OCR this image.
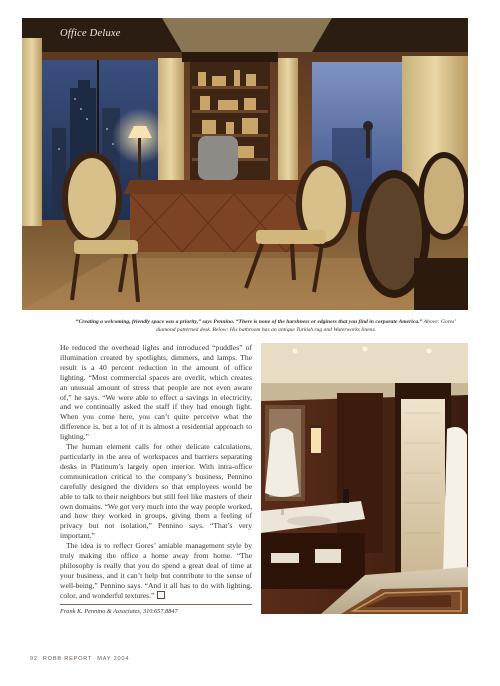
Office Deluxe
“Creating a welcoming, friendly space was a priority,” says Pennino. “There is none of the harshness or edginess that you find in corporate America.” Above: Gores’ diamond patterned desk. Below: His bathroom has an antique Turkish rug and Waterworks linens.

He reduced the overhead lights and introduced “puddles” of illumination created by spotlights, dimmers, and lamps. The result is a 40 percent reduction in the amount of office lighting. “Most commercial spaces are overlit, which creates an unusual amount of stress that people are not even aware of,” he says. “We were able to effect a savings in electricity, and we continually asked the staff if they had enough light. When you come here, you can’t quite perceive what the difference is, but a lot of it is almost a residential approach to lighting.”

The human element calls for other delicate calculations, particularly in the area of workspaces and barriers separating desks in Platinum’s largely open interior. With intra-office communication critical to the company’s business, Pennino carefully designed the dividers so that employees would be able to talk to their neighbors but still feel like masters of their own domains. “We got very much into the way people worked, and how they worked in groups, giving them a feeling of privacy but not isolation,” Pennino says. “That’s very important.”

The idea is to reflect Gores’ amiable management style by truly making the office a home away from home. “The philosophy is really that you do spend a great deal of time at your business, and it can’t help but contribute to the sense of well-being,” Pennino says. “And it all has to do with lighting, color, and wonderful textures.”

Frank K. Pennino & Associates, 310.657.8847
92 ROBB REPORT MAY 2004
